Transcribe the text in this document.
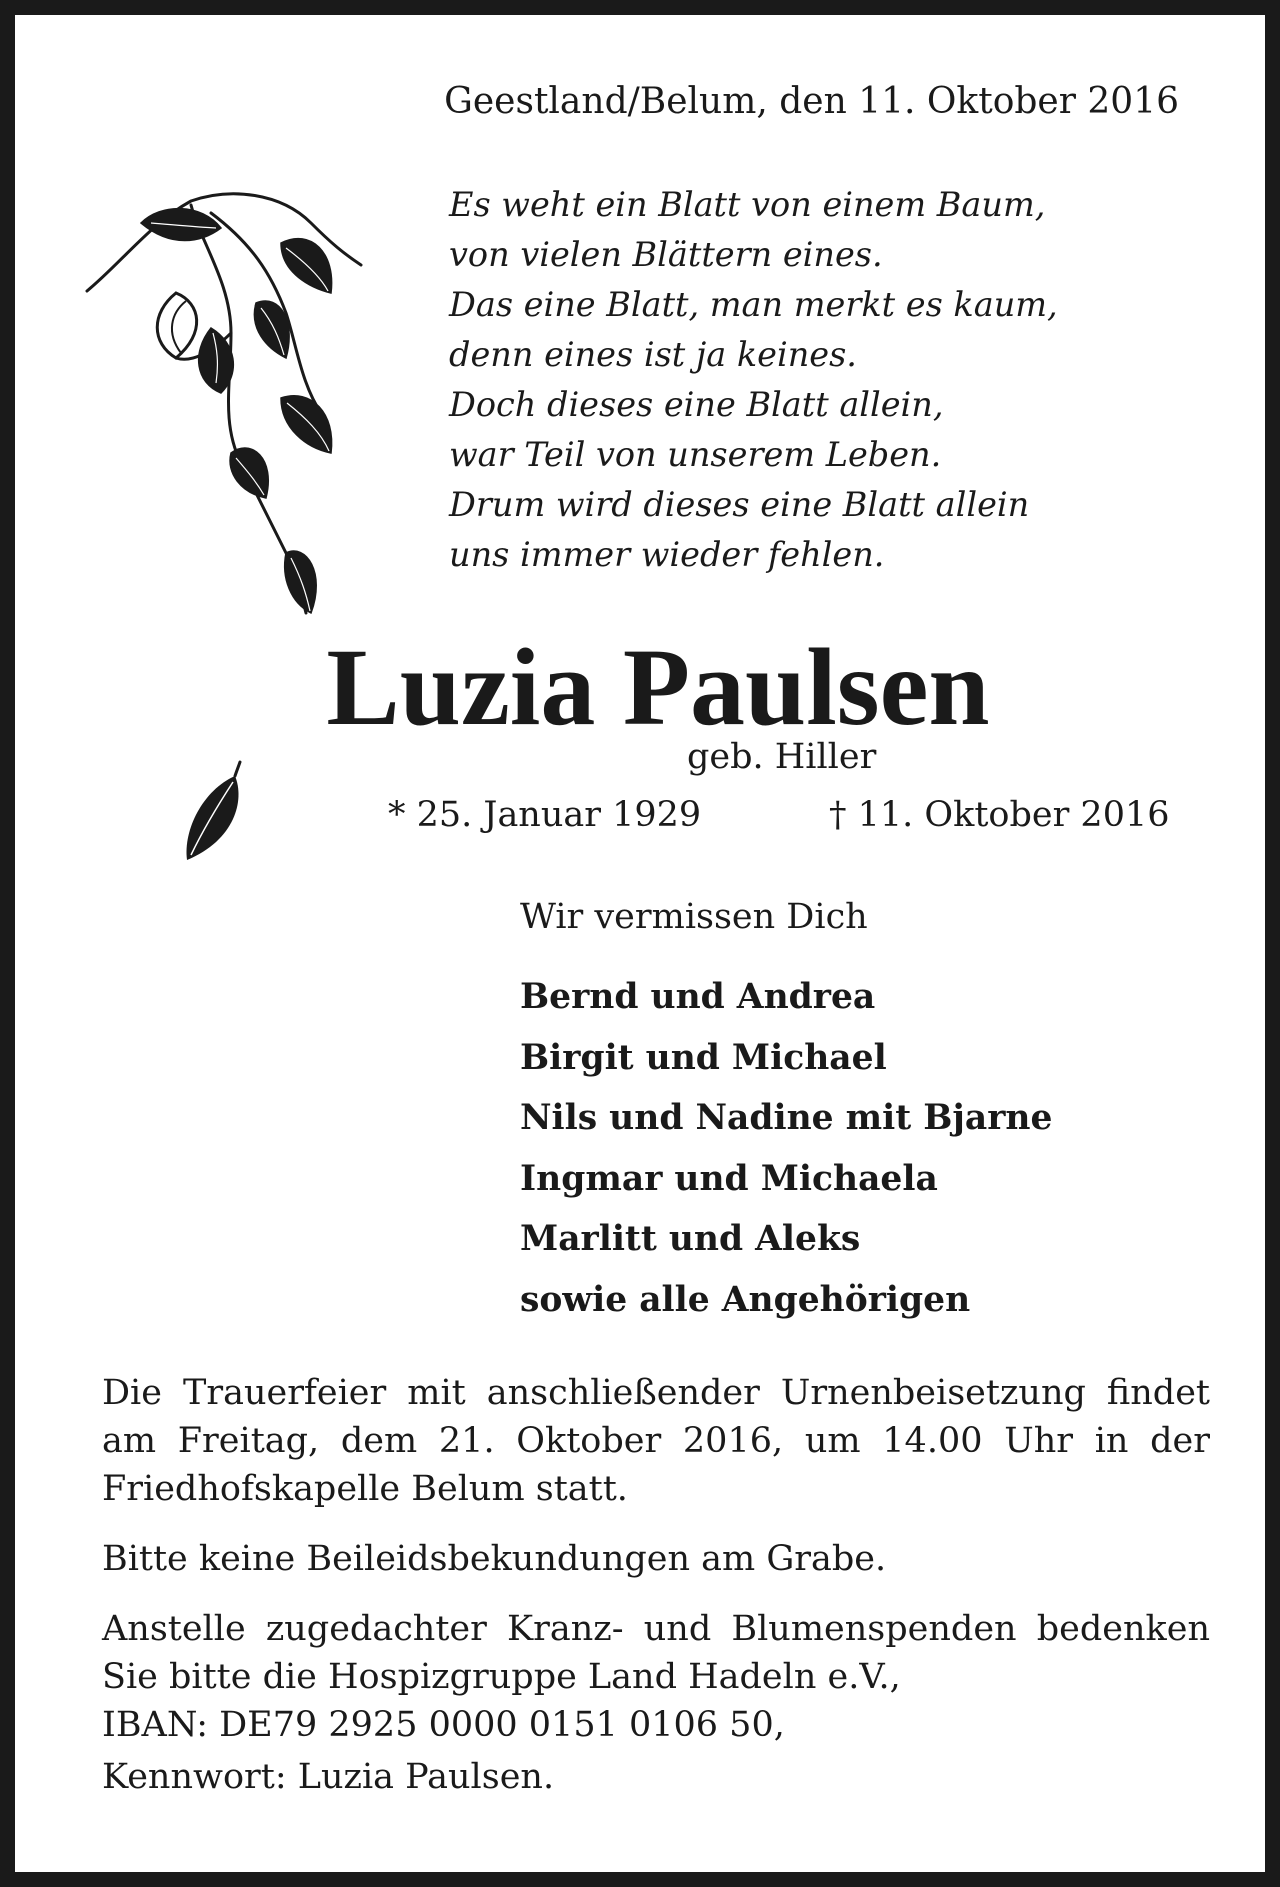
Geestland/Belum, den 11. Oktober 2016
Es weht ein Blatt von einem Baum,
von vielen Blättern eines.
Das eine Blatt, man merkt es kaum,
denn eines ist ja keines.
Doch dieses eine Blatt allein,
war Teil von unserem Leben.
Drum wird dieses eine Blatt allein
uns immer wieder fehlen.
Luzia Paulsen
geb. Hiller
* 25. Januar 1929	† 11. Oktober 2016
Wir vermissen Dich
Bernd und Andrea
Birgit und Michael
Nils und Nadine mit Bjarne
Ingmar und Michaela
Marlitt und Aleks
sowie alle Angehörigen

Die Trauerfeier mit anschließender Urnenbeisetzung findet am Freitag, dem 21. Oktober 2016, um 14.00 Uhr in der Friedhofskapelle Belum statt.

Bitte keine Beileidsbekundungen am Grabe.

Anstelle zugedachter Kranz- und Blumenspenden bedenken Sie bitte die Hospizgruppe Land Hadeln e.V.,

IBAN: DE79 2925 0000 0151 0106 50,

Kennwort: Luzia Paulsen.
